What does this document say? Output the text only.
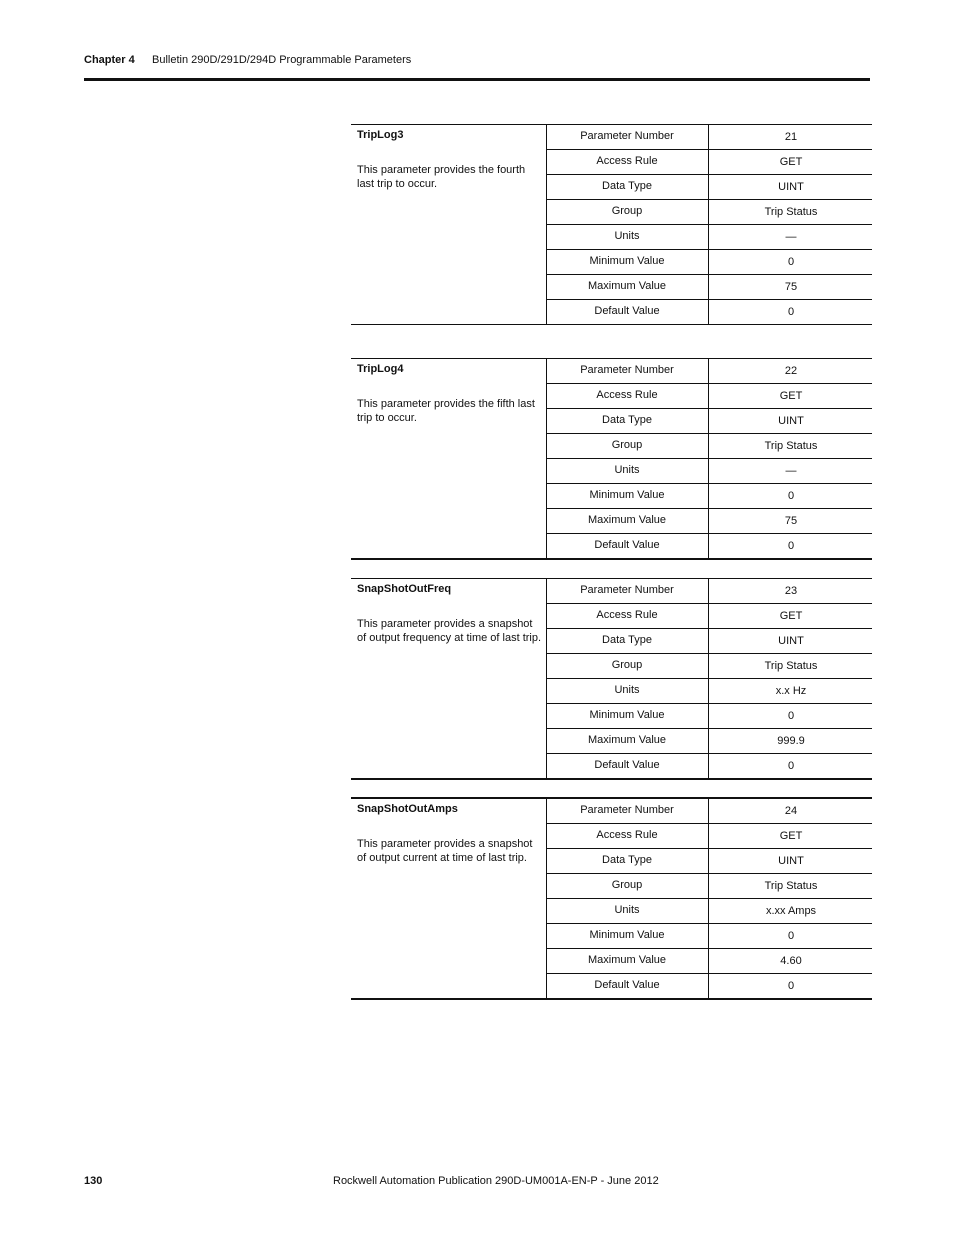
Chapter 4 Bulletin 290D/291D/294D Programmable Parameters
TripLog3
This parameter provides the fourth last trip to occur.
Parameter Number	21
Access Rule	GET
Data Type	UINT
Group	Trip Status
Units	—
Minimum Value	0
Maximum Value	75
Default Value	0
TripLog4
This parameter provides the fifth last trip to occur.
Parameter Number	22
Access Rule	GET
Data Type	UINT
Group	Trip Status
Units	—
Minimum Value	0
Maximum Value	75
Default Value	0
SnapShotOutFreq
This parameter provides a snapshot of output frequency at time of last trip.
Parameter Number	23
Access Rule	GET
Data Type	UINT
Group	Trip Status
Units	x.x Hz
Minimum Value	0
Maximum Value	999.9
Default Value	0
SnapShotOutAmps
This parameter provides a snapshot of output current at time of last trip.
Parameter Number	24
Access Rule	GET
Data Type	UINT
Group	Trip Status
Units	x.xx Amps
Minimum Value	0
Maximum Value	4.60
Default Value	0
130	Rockwell Automation Publication 290D-UM001A-EN-P - June 2012
